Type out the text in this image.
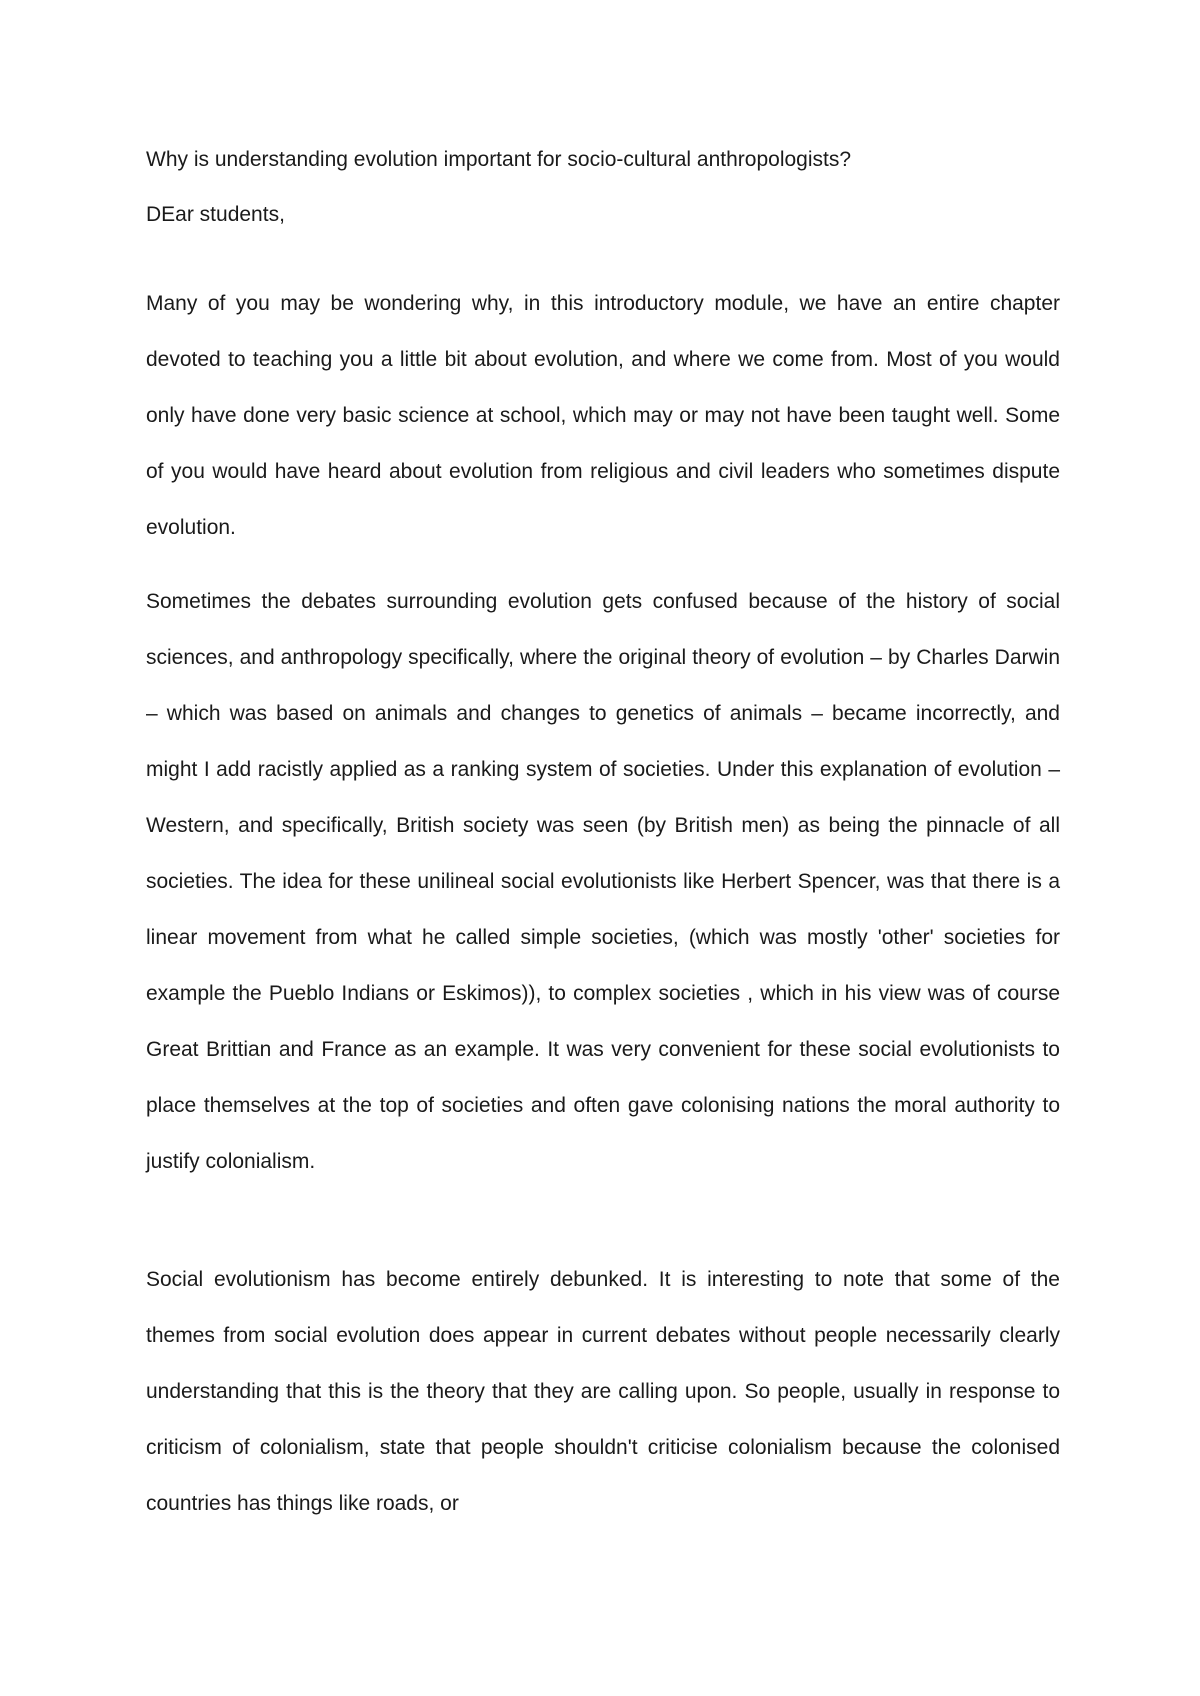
Why is understanding evolution important for socio-cultural anthropologists?

DEar students,

Many of you may be wondering why, in this introductory module, we have an entire chapter devoted to teaching you a little bit about evolution, and where we come from. Most of you would only have done very basic science at school, which may or may not have been taught well. Some of you would have heard about evolution from religious and civil leaders who sometimes dispute evolution.

Sometimes the debates surrounding evolution gets confused because of the history of social sciences, and anthropology specifically, where the original theory of evolution – by Charles Darwin – which was based on animals and changes to genetics of animals – became incorrectly, and might I add racistly applied as a ranking system of societies. Under this explanation of evolution – Western, and specifically, British society was seen (by British men) as being the pinnacle of all societies. The idea for these unilineal social evolutionists like Herbert Spencer, was that there is a linear movement from what he called simple societies, (which was mostly 'other' societies for example the Pueblo Indians or Eskimos)), to complex societies , which in his view was of course Great Brittian and France as an example. It was very convenient for these social evolutionists to place themselves at the top of societies and often gave colonising nations the moral authority to justify colonialism.

Social evolutionism has become entirely debunked. It is interesting to note that some of the themes from social evolution does appear in current debates without people necessarily clearly understanding that this is the theory that they are calling upon. So people, usually in response to criticism of colonialism, state that people shouldn't criticise colonialism because the colonised countries has things like roads, or
